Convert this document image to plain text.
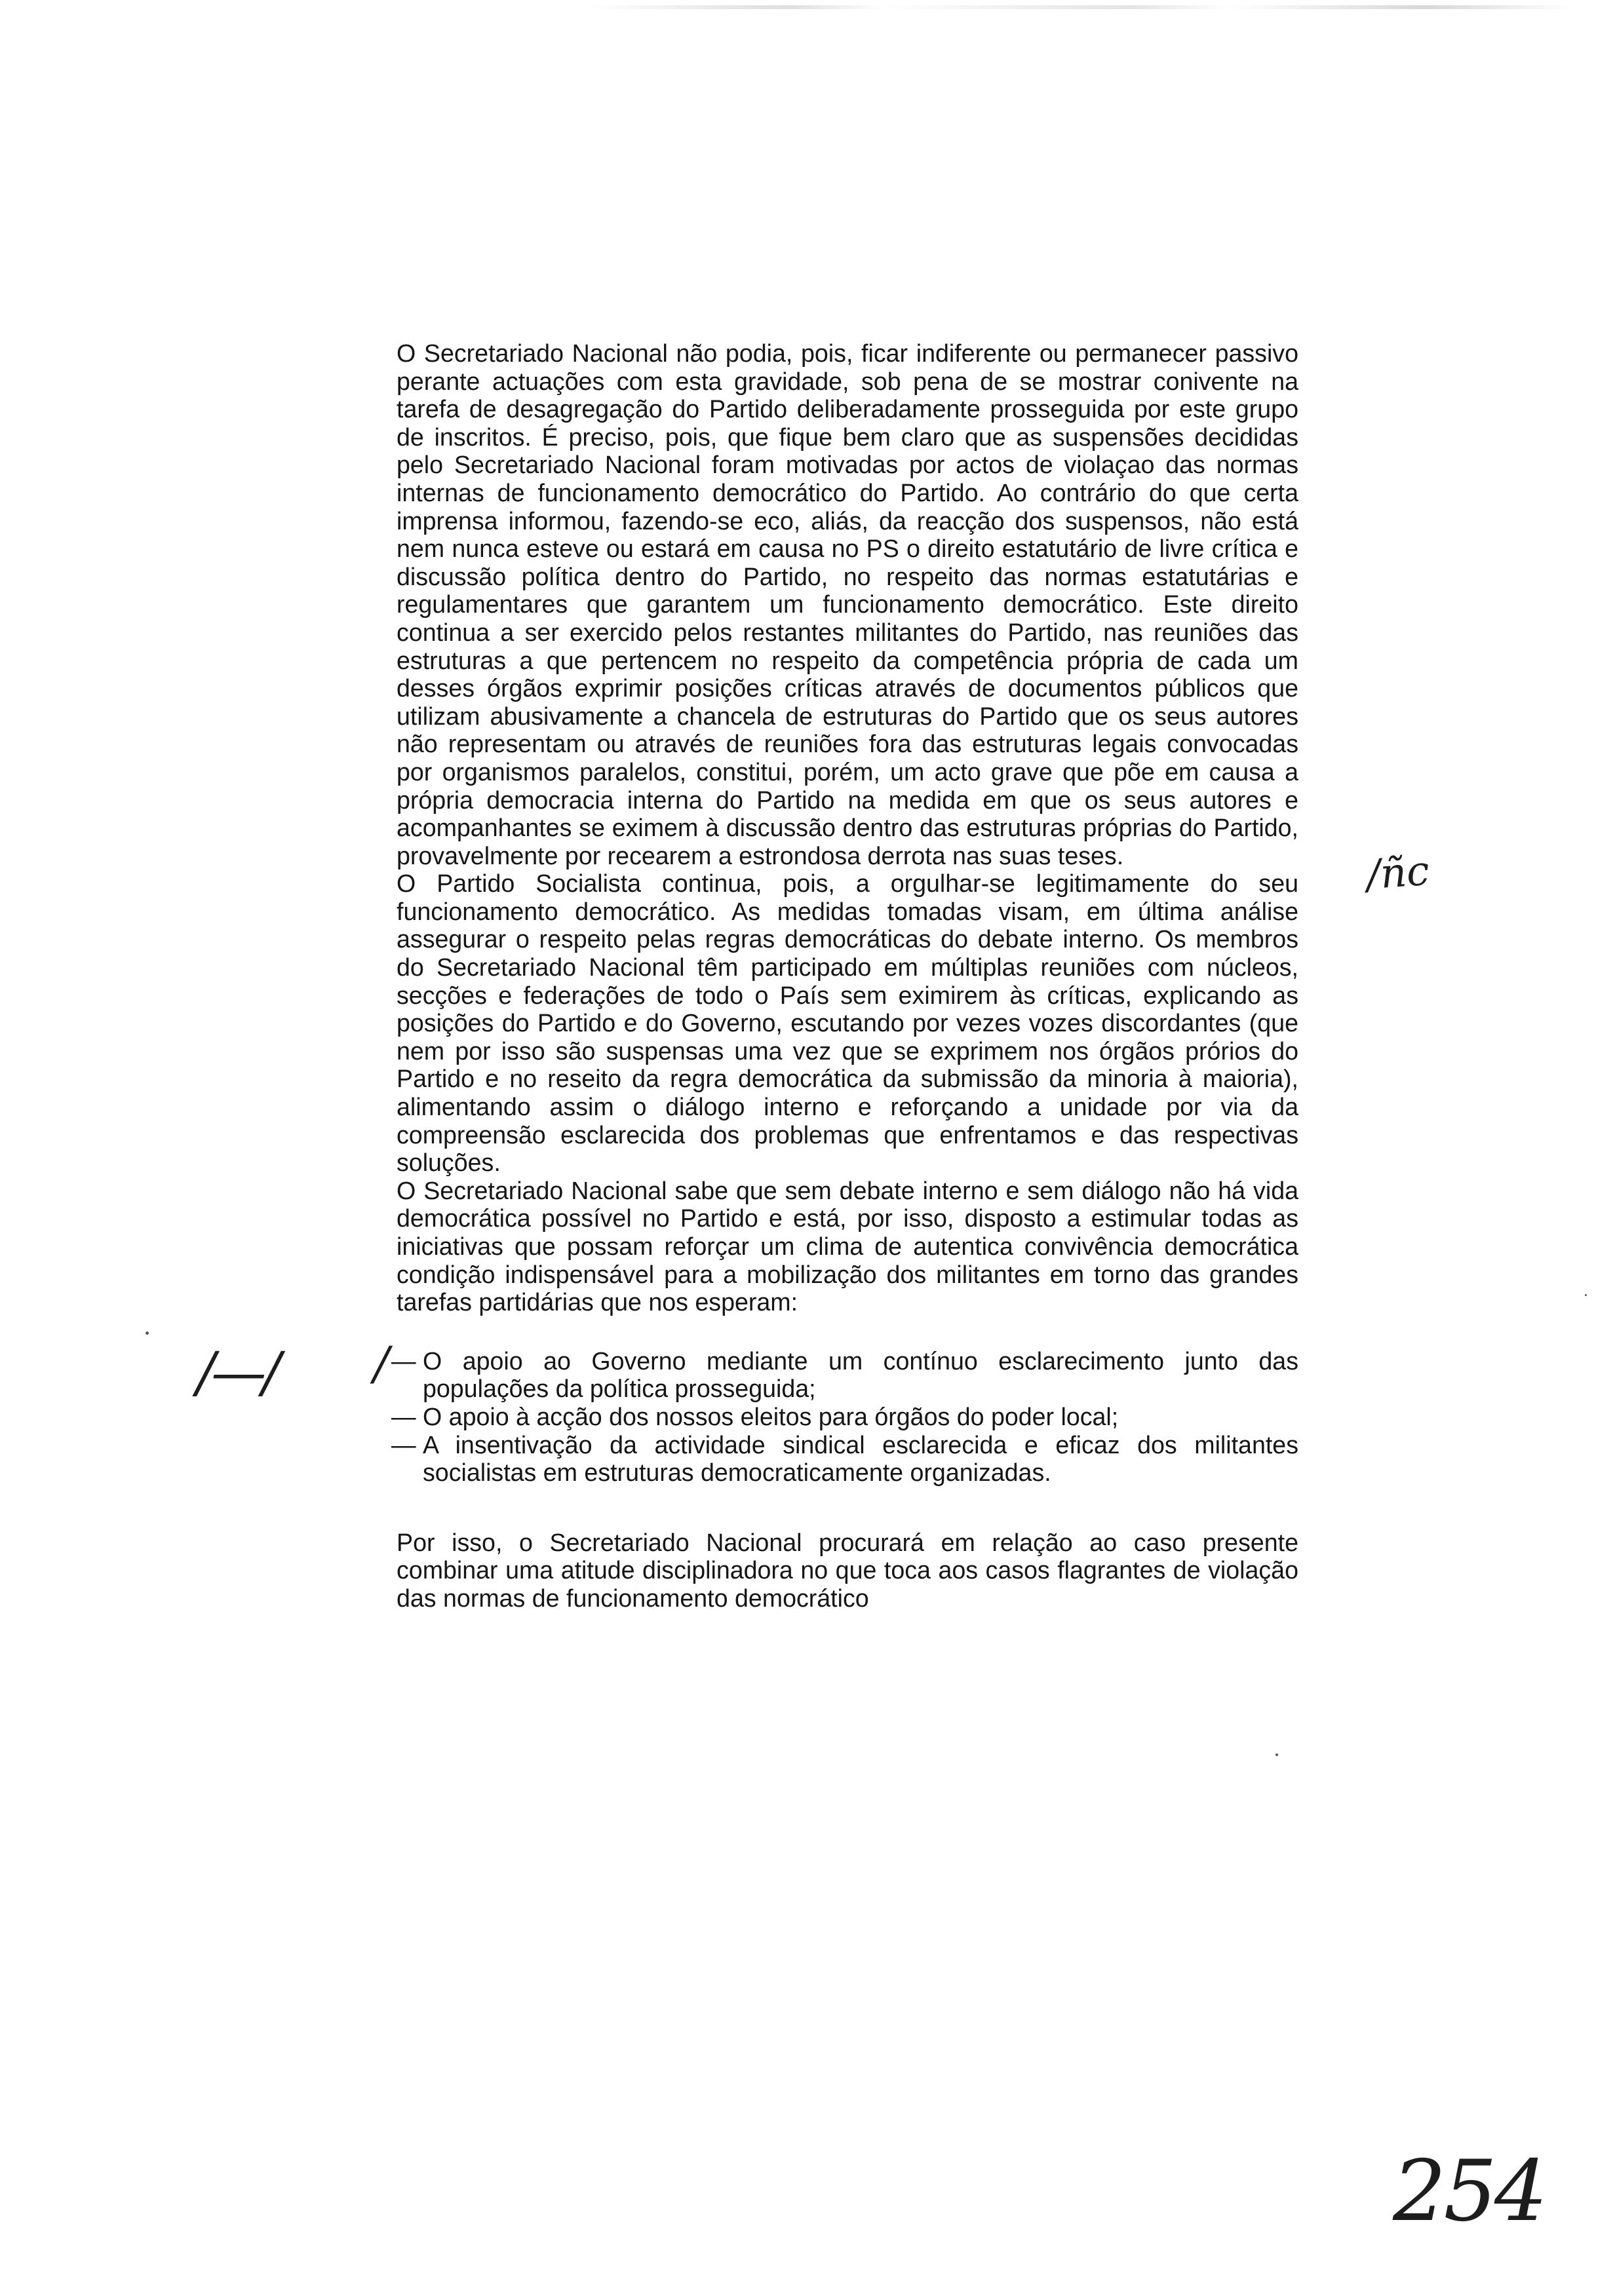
O Secretariado Nacional não podia, pois, ficar indiferente ou permanecer passivo perante actuações com esta gravidade, sob pena de se mostrar conivente na tarefa de desagregação do Partido deliberadamente prosseguida por este grupo de inscritos. É preciso, pois, que fique bem claro que as suspensões decididas pelo Secretariado Nacional foram motivadas por actos de violaçao das normas internas de funcionamento democrático do Partido. Ao contrário do que certa imprensa informou, fazendo-se eco, aliás, da reacção dos suspensos, não está nem nunca esteve ou estará em causa no PS o direito estatutário de livre crítica e discussão política dentro do Partido, no respeito das normas estatutárias e regulamentares que garantem um funcionamento democrático. Este direito continua a ser exercido pelos restantes militantes do Partido, nas reuniões das estruturas a que pertencem no respeito da competência própria de cada um desses órgãos exprimir posições críticas através de documentos públicos que utilizam abusivamente a chancela de estruturas do Partido que os seus autores não representam ou através de reuniões fora das estruturas legais convocadas por organismos paralelos, constitui, porém, um acto grave que põe em causa a própria democracia interna do Partido na medida em que os seus autores e acompanhantes se eximem à discussão dentro das estruturas próprias do Partido, provavelmente por recearem a estrondosa derrota nas suas teses.

O Partido Socialista continua, pois, a orgulhar-se legitimamente do seu funcionamento democrático. As medidas tomadas visam, em última análise assegurar o respeito pelas regras democráticas do debate interno. Os membros do Secretariado Nacional têm participado em múltiplas reuniões com núcleos, secções e federações de todo o País sem eximirem às críticas, explicando as posições do Partido e do Governo, escutando por vezes vozes discordantes (que nem por isso são suspensas uma vez que se exprimem nos órgãos prórios do Partido e no reseito da regra democrática da submissão da minoria à maioria), alimentando assim o diálogo interno e reforçando a unidade por via da compreensão esclarecida dos problemas que enfrentamos e das respectivas soluções.

O Secretariado Nacional sabe que sem debate interno e sem diálogo não há vida democrática possível no Partido e está, por isso, disposto a estimular todas as iniciativas que possam reforçar um clima de autentica convivência democrática condição indispensável para a mobilização dos militantes em torno das grandes tarefas partidárias que nos esperam:

— O apoio ao Governo mediante um contínuo esclarecimento junto das populações da política prosseguida;
— O apoio à acção dos nossos eleitos para órgãos do poder local;
— A insentivação da actividade sindical esclarecida e eficaz dos militantes socialistas em estruturas democraticamente organizadas.

Por isso, o Secretariado Nacional procurará em relação ao caso presente combinar uma atitude disciplinadora no que toca aos casos flagrantes de violação das normas de funcionamento democrático

/ñc
/—/ /
254
